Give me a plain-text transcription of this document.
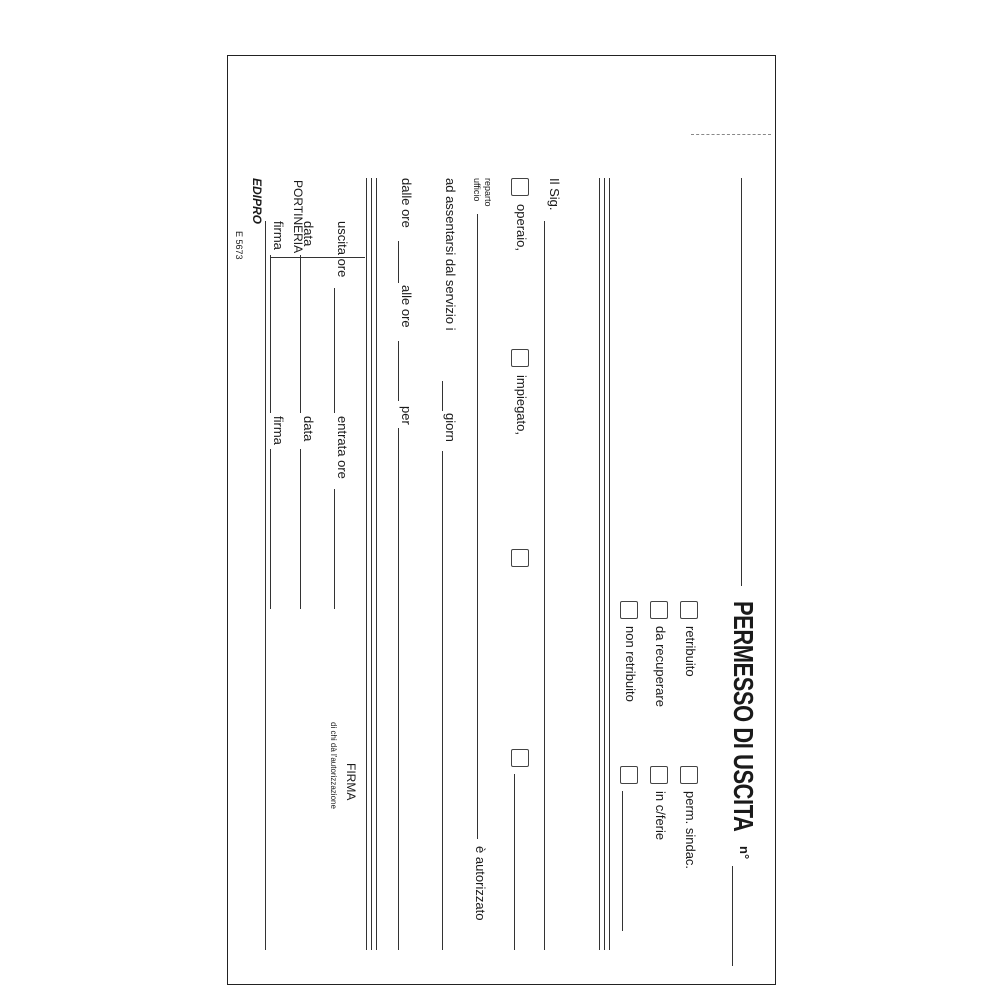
PERMESSO DI USCITA
n°
retribuito
perm. sindac.
da recuperare
in c/ferie
non retribuito
Il Sig.
operaio,
impiegato,
reparto
ufficio
è autorizzato
ad assentarsi dal servizio i
giorn
dalle ore
alle ore
per
FIRMA
di chi dà l'autorizzazione
PORTINERIA uscita ore
entrata ore
data
data
firma
firma
EDIPRO
E 5673
